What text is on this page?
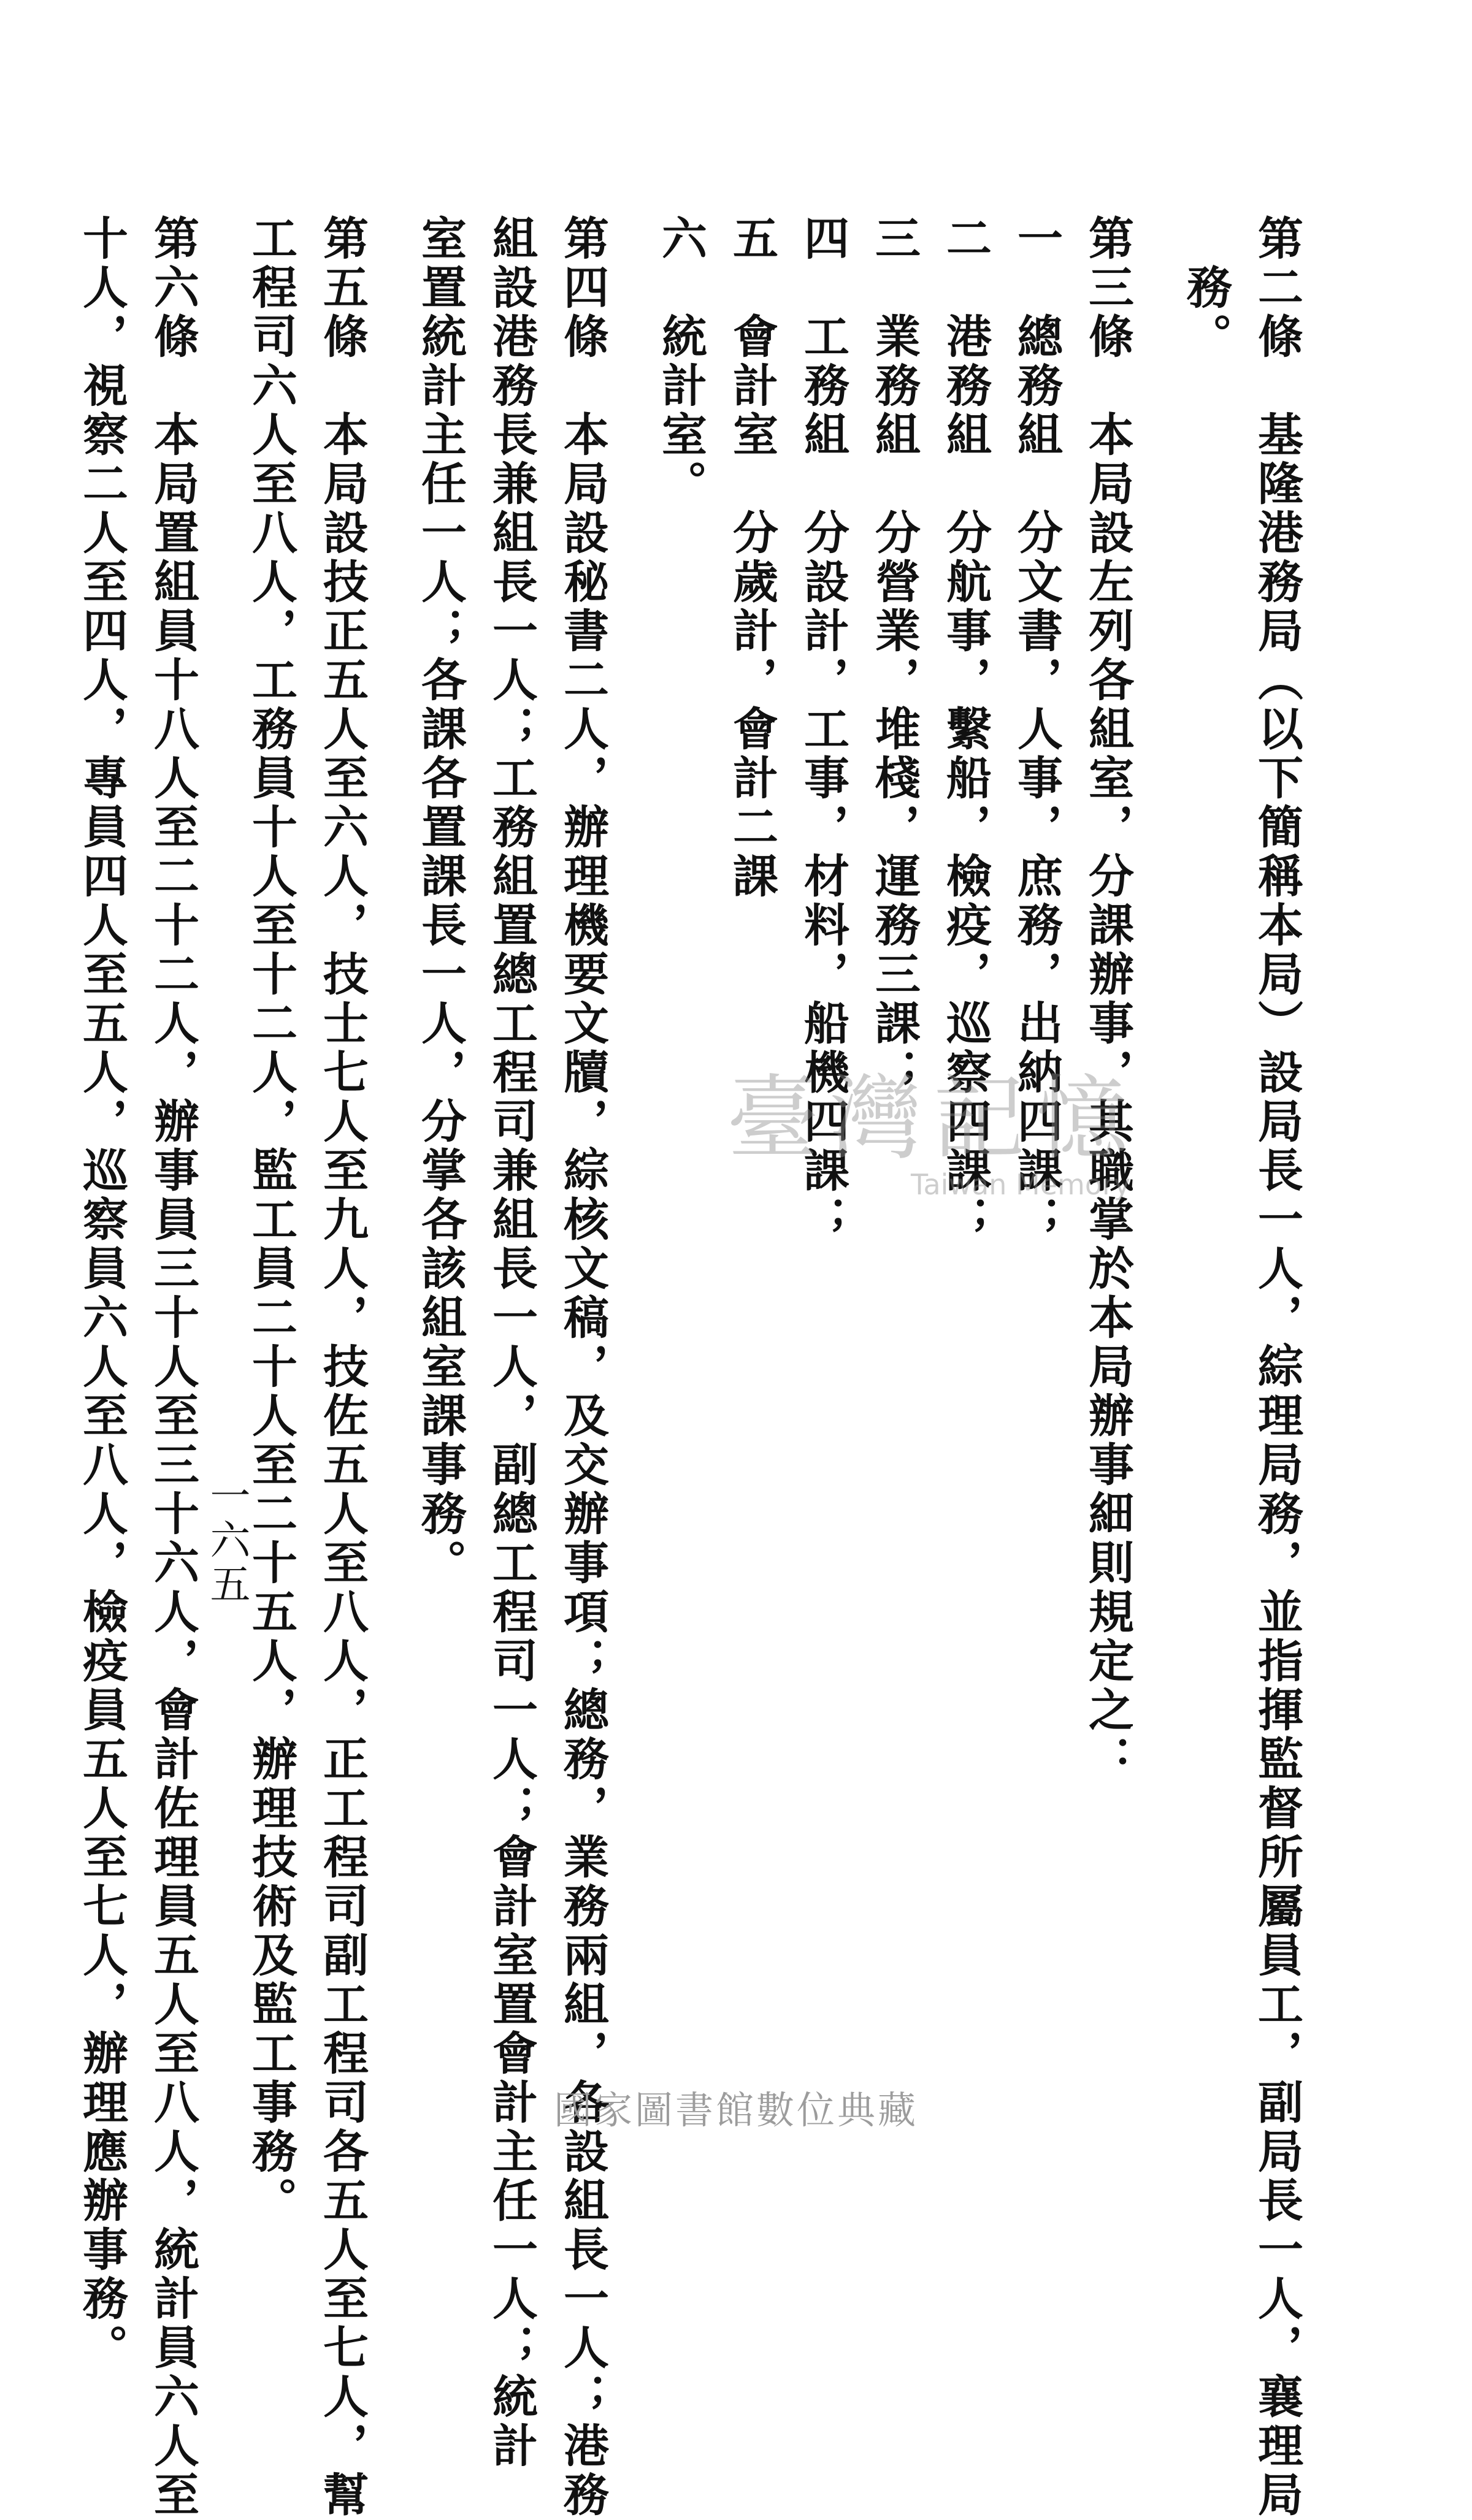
第二條　基隆港務局（以下簡稱本局）設局長一人，綜理局務，並指揮監督所屬員工，副局長一人，襄理局
　務。
第三條　本局設左列各組室，分課辦事，其職掌於本局辦事細則規定之：
一　總務組　分文書，人事，庶務，出納四課；
二　港務組　分航事，繫船，檢疫，巡察四課；
三　業務組　分營業，堆棧，運務三課；
四　工務組　分設計，工事，材料，船機四課；
五　會計室　分歲計，會計二課
六　統計室。
第四條　本局設秘書二人，辦理機要文牘，綜核文稿，及交辦事項；總務，業務兩組，各設組長一人；港務
組設港務長兼組長一人；工務組置總工程司兼組長一人，副總工程司一人；會計室置會計主任一人；統計
室置統計主任一人；各課各置課長一人，分掌各該組室課事務。
第五條　本局設技正五人至六人，技士七人至九人，技佐五人至八人，正工程司副工程司各五人至七人，幫
工程司六人至八人，工務員十人至十二人，監工員二十人至二十五人，辦理技術及監工事務。
第六條　本局置組員十八人至二十二人，辦事員三十人至三十六人，會計佐理員五人至八人，統計員六人至
十人，視察二人至四人，專員四人至五人，巡察員六人至八人，檢疫員五人至七人，辦理應辦事務。 一六五
臺灣記憶
Taiwan Memory
國家圖書館數位典藏
